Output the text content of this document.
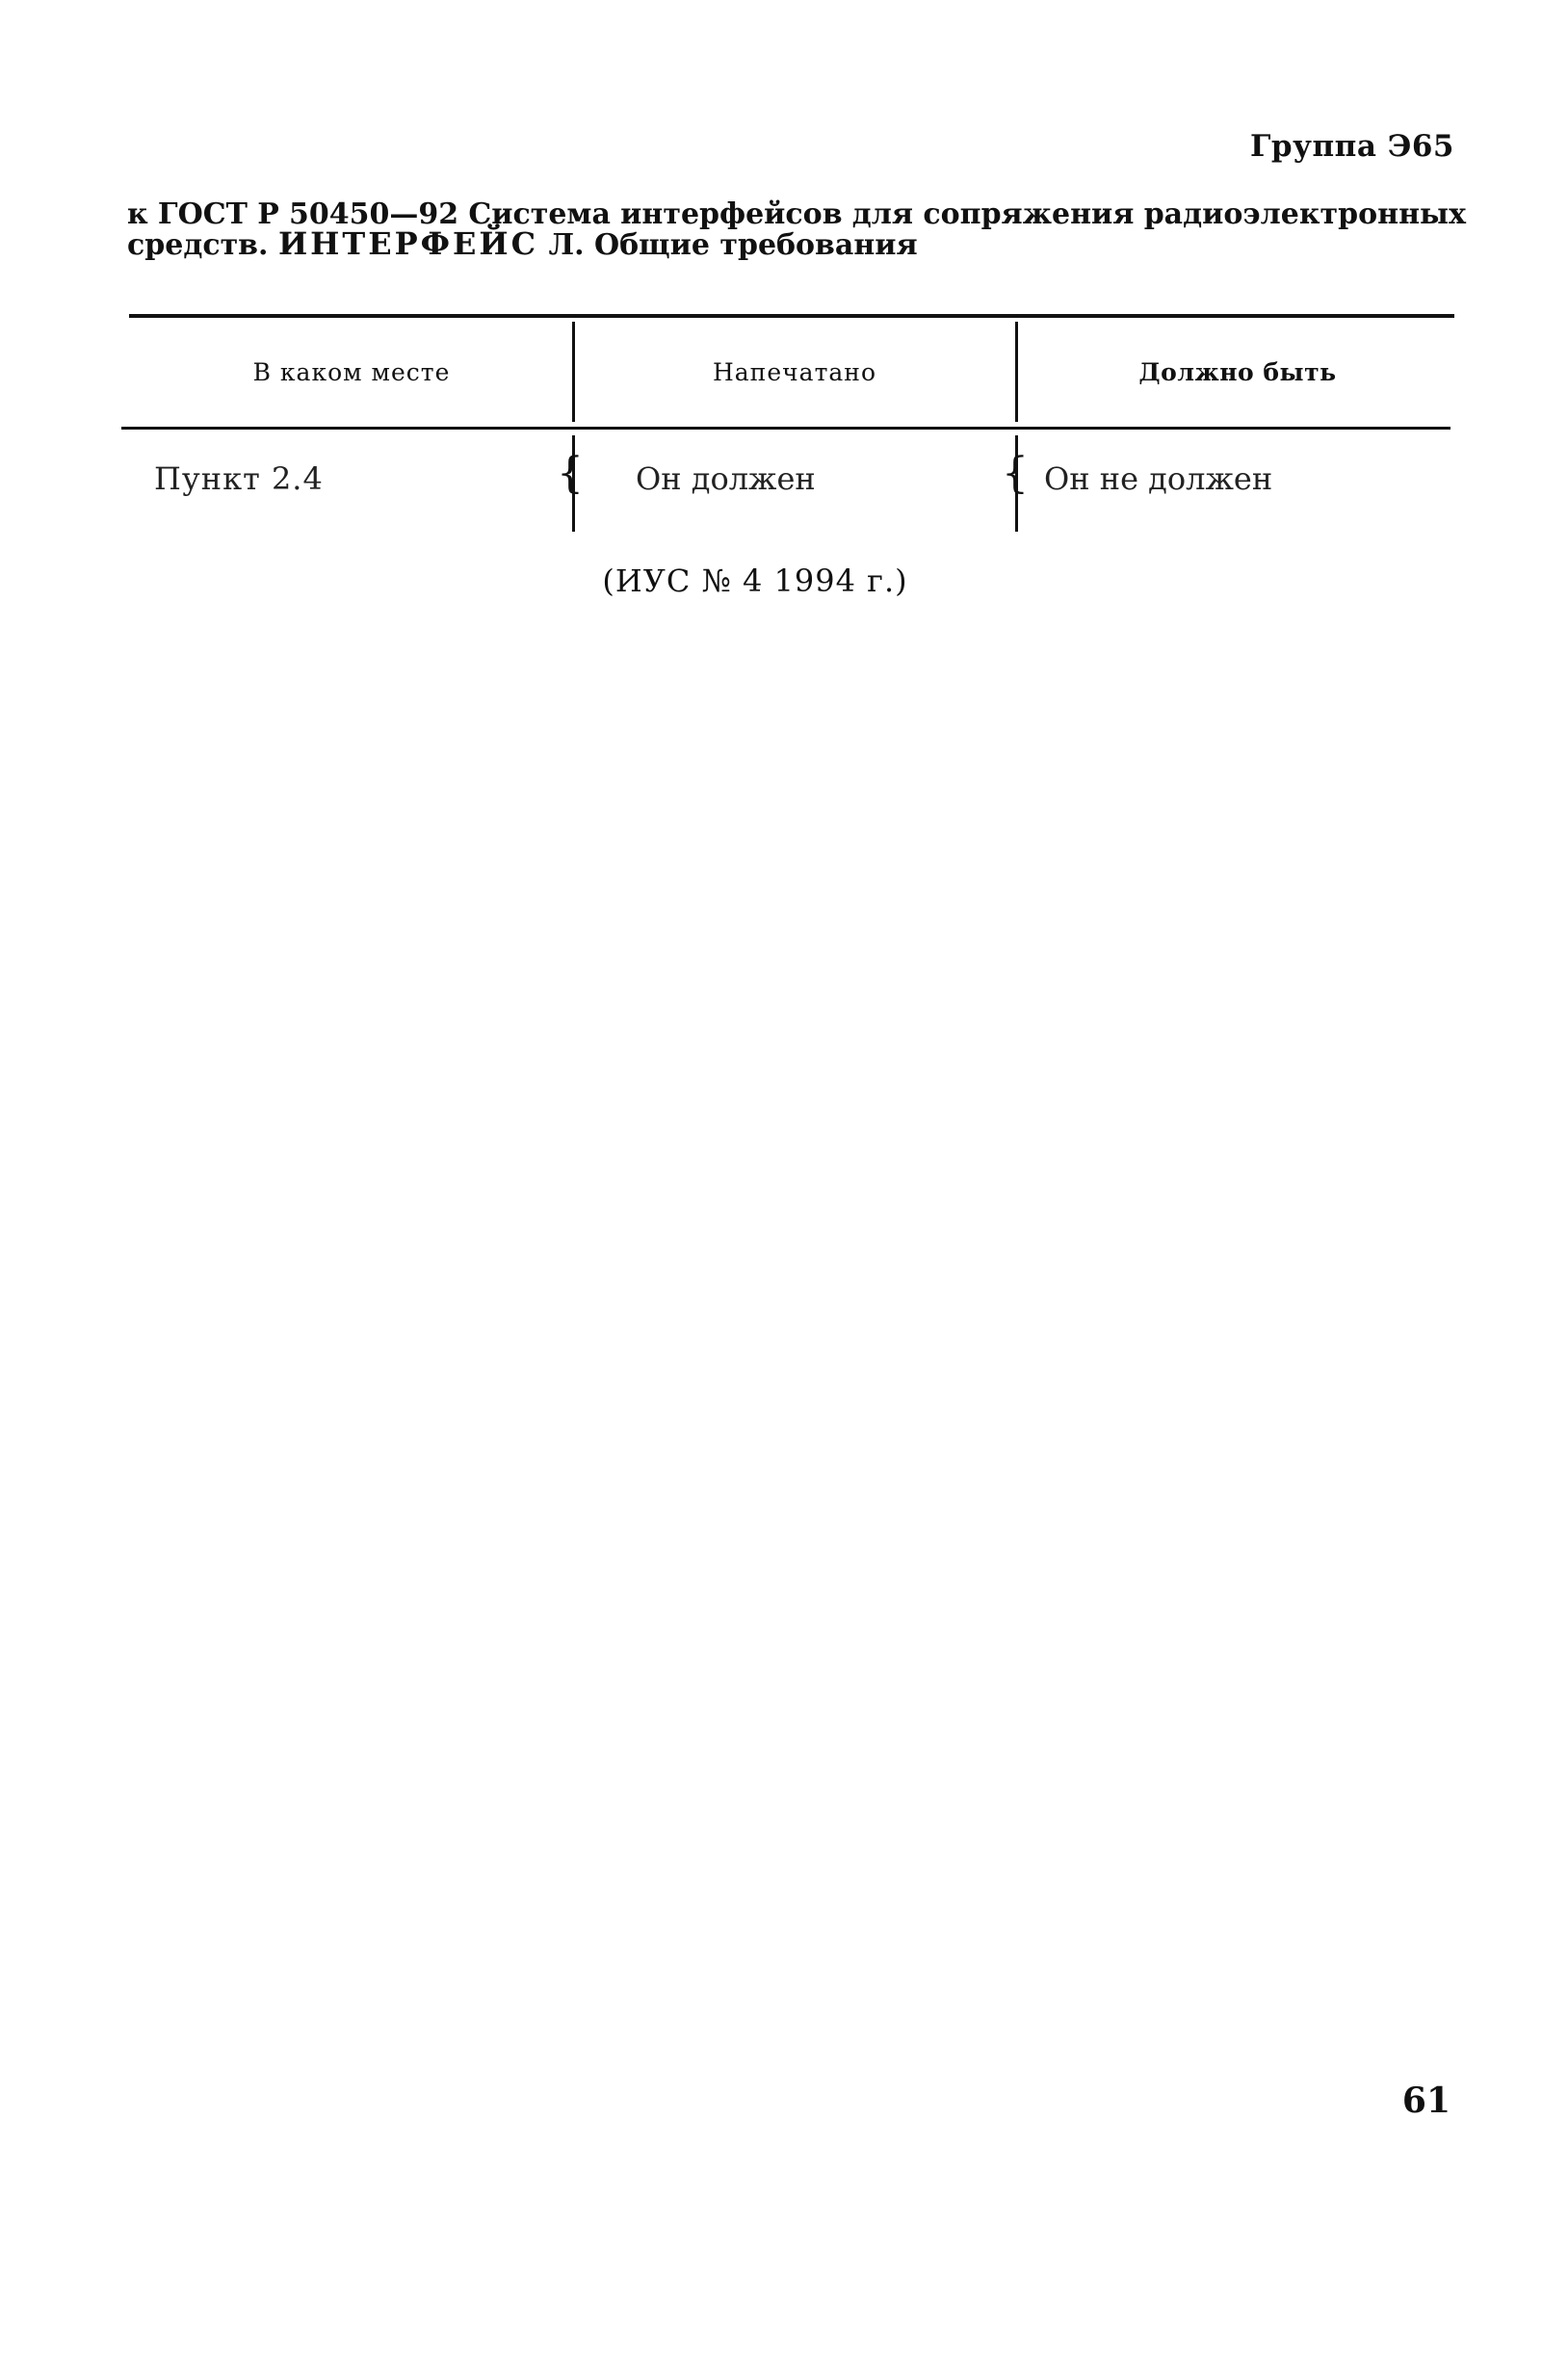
Группа Э65
к ГОСТ Р 50450—92 Система интерфейсов для сопряжения радиоэлектронных
средств. ИНТЕРФЕЙС Л. Общие требования
В каком месте	Напечатано	Должно быть
{	{
Пункт 2.4	Он должен	Он не должен
(ИУС № 4 1994 г.)
61
